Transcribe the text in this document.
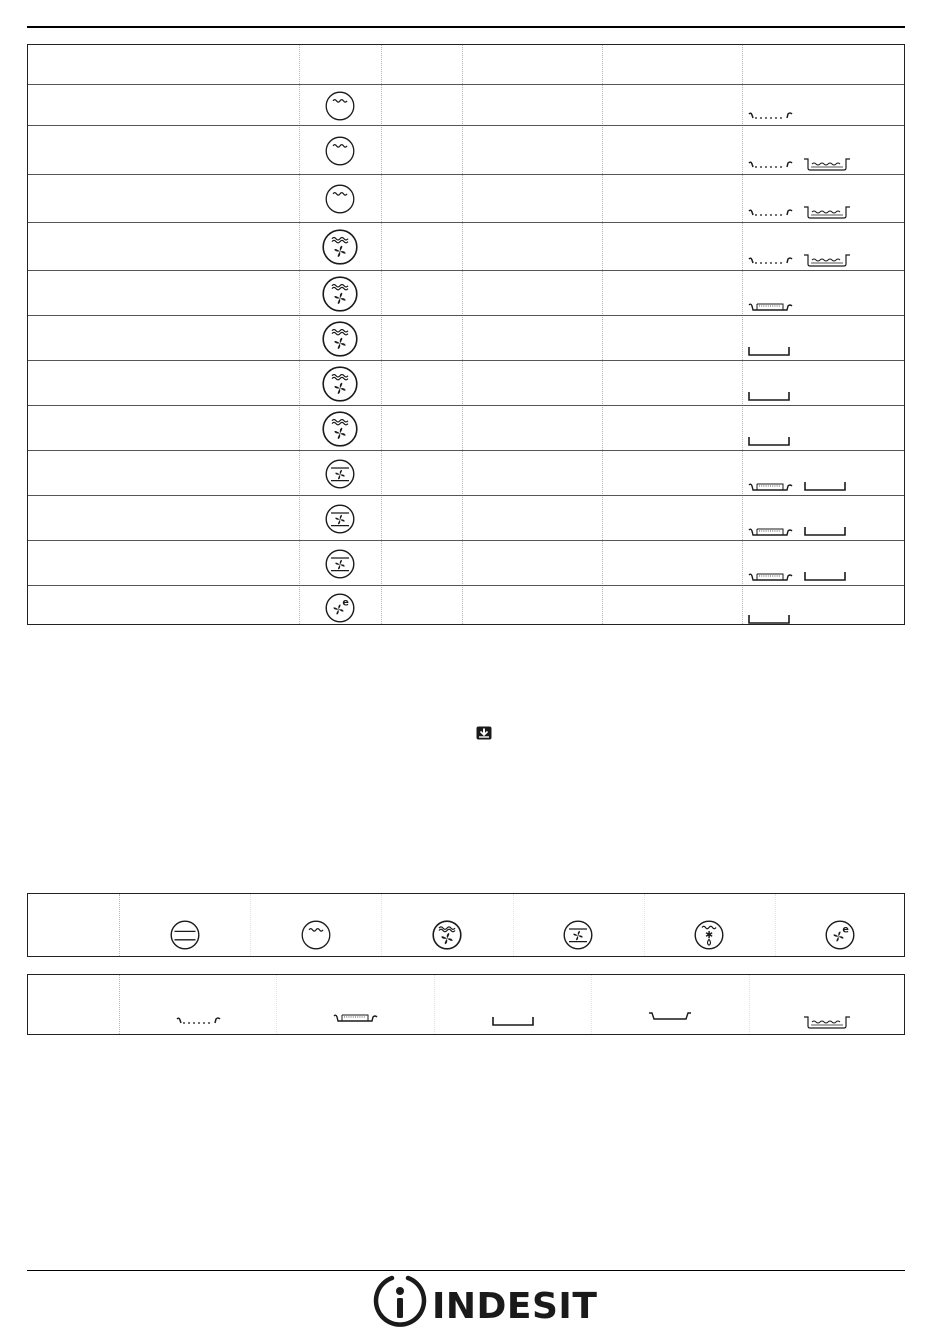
e
✱	e
INDESIT
